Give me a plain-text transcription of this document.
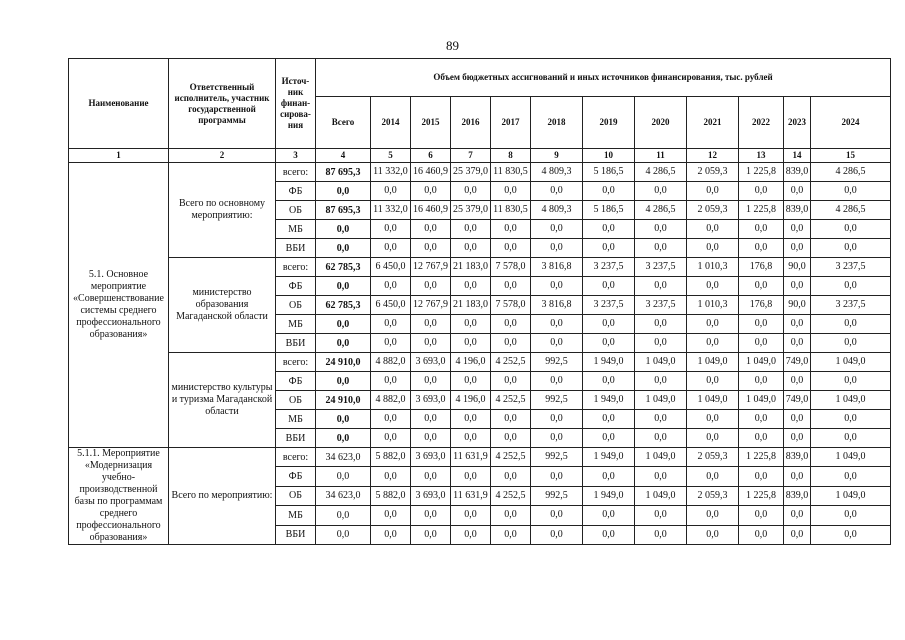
89
Наименование	Ответственный исполнитель, участник государственной программы	Источ-ник финан-сирова-ния	Объем бюджетных ассигнований и иных источников финансирования, тыс. рублей											
			Всего	2014	2015	2016	2017	2018	2019	2020	2021	2022	2023	2024
1	2	3	4	5	6	7	8	9	10	11	12	13	14	15
5.1. Основное мероприятие «Совершенствование системы среднего профессионального образования»	Всего по основному мероприятию:	всего:	87 695,3	11 332,0	16 460,9	25 379,0	11 830,5	4 809,3	5 186,5	4 286,5	2 059,3	1 225,8	839,0	4 286,5
		ФБ	0,0	0,0	0,0	0,0	0,0	0,0	0,0	0,0	0,0	0,0	0,0	0,0
		ОБ	87 695,3	11 332,0	16 460,9	25 379,0	11 830,5	4 809,3	5 186,5	4 286,5	2 059,3	1 225,8	839,0	4 286,5
		МБ	0,0	0,0	0,0	0,0	0,0	0,0	0,0	0,0	0,0	0,0	0,0	0,0
		ВБИ	0,0	0,0	0,0	0,0	0,0	0,0	0,0	0,0	0,0	0,0	0,0	0,0
	министерство образования Магаданской области	всего:	62 785,3	6 450,0	12 767,9	21 183,0	7 578,0	3 816,8	3 237,5	3 237,5	1 010,3	176,8	90,0	3 237,5
		ФБ	0,0	0,0	0,0	0,0	0,0	0,0	0,0	0,0	0,0	0,0	0,0	0,0
		ОБ	62 785,3	6 450,0	12 767,9	21 183,0	7 578,0	3 816,8	3 237,5	3 237,5	1 010,3	176,8	90,0	3 237,5
		МБ	0,0	0,0	0,0	0,0	0,0	0,0	0,0	0,0	0,0	0,0	0,0	0,0
		ВБИ	0,0	0,0	0,0	0,0	0,0	0,0	0,0	0,0	0,0	0,0	0,0	0,0
	министерство культуры и туризма Магаданской области	всего:	24 910,0	4 882,0	3 693,0	4 196,0	4 252,5	992,5	1 949,0	1 049,0	1 049,0	1 049,0	749,0	1 049,0
		ФБ	0,0	0,0	0,0	0,0	0,0	0,0	0,0	0,0	0,0	0,0	0,0	0,0
		ОБ	24 910,0	4 882,0	3 693,0	4 196,0	4 252,5	992,5	1 949,0	1 049,0	1 049,0	1 049,0	749,0	1 049,0
		МБ	0,0	0,0	0,0	0,0	0,0	0,0	0,0	0,0	0,0	0,0	0,0	0,0
		ВБИ	0,0	0,0	0,0	0,0	0,0	0,0	0,0	0,0	0,0	0,0	0,0	0,0
5.1.1. Мероприятие «Модернизация учебно-производственной базы по программам среднего профессионального образования»	Всего по мероприятию:	всего:	34 623,0	5 882,0	3 693,0	11 631,9	4 252,5	992,5	1 949,0	1 049,0	2 059,3	1 225,8	839,0	1 049,0
		ФБ	0,0	0,0	0,0	0,0	0,0	0,0	0,0	0,0	0,0	0,0	0,0	0,0
		ОБ	34 623,0	5 882,0	3 693,0	11 631,9	4 252,5	992,5	1 949,0	1 049,0	2 059,3	1 225,8	839,0	1 049,0
		МБ	0,0	0,0	0,0	0,0	0,0	0,0	0,0	0,0	0,0	0,0	0,0	0,0
		ВБИ	0,0	0,0	0,0	0,0	0,0	0,0	0,0	0,0	0,0	0,0	0,0	0,0
